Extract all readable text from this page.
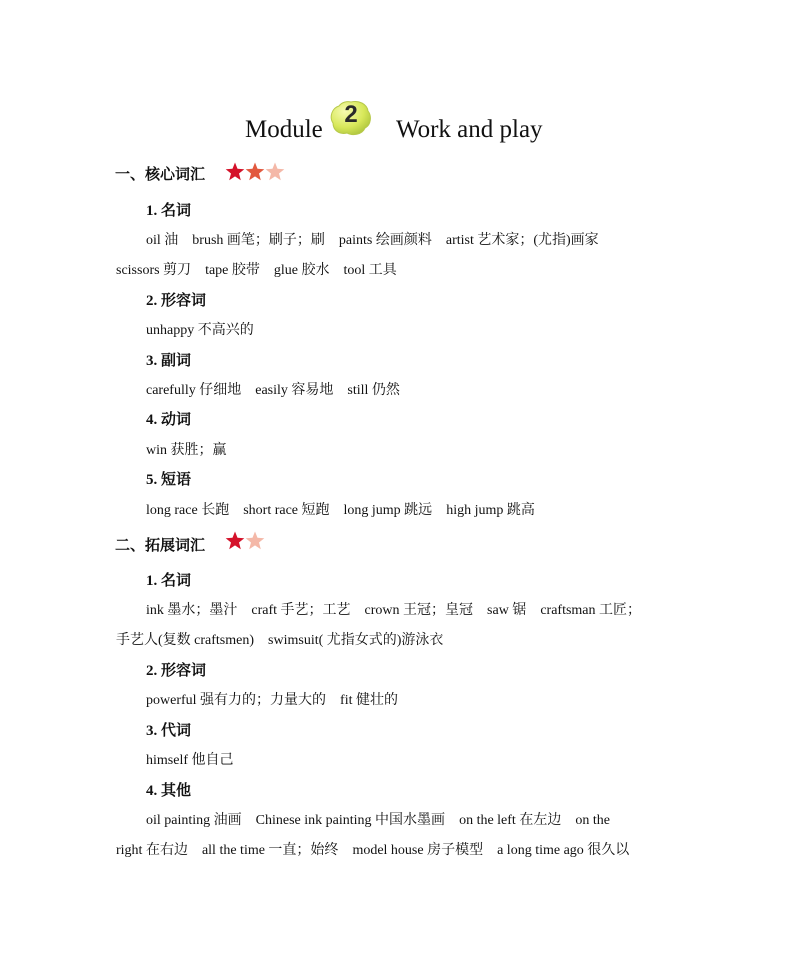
Module
2
Work and play
一、核心词汇
1. 名词
oil 油 brush 画笔；刷子；刷 paints 绘画颜料 artist 艺术家；(尤指)画家
scissors 剪刀 tape 胶带 glue 胶水 tool 工具
2. 形容词
unhappy 不高兴的
3. 副词
carefully 仔细地 easily 容易地 still 仍然
4. 动词
win 获胜；赢
5. 短语
long race 长跑 short race 短跑 long jump 跳远 high jump 跳高
二、拓展词汇
1. 名词
ink 墨水；墨汁 craft 手艺；工艺 crown 王冠；皇冠 saw 锯 craftsman 工匠；
手艺人(复数 craftsmen) swimsuit( 尤指女式的)游泳衣
2. 形容词
powerful 强有力的；力量大的 fit 健壮的
3. 代词
himself 他自己
4. 其他
oil painting 油画 Chinese ink painting 中国水墨画 on the left 在左边 on the
right 在右边 all the time 一直；始终 model house 房子模型 a long time ago 很久以
